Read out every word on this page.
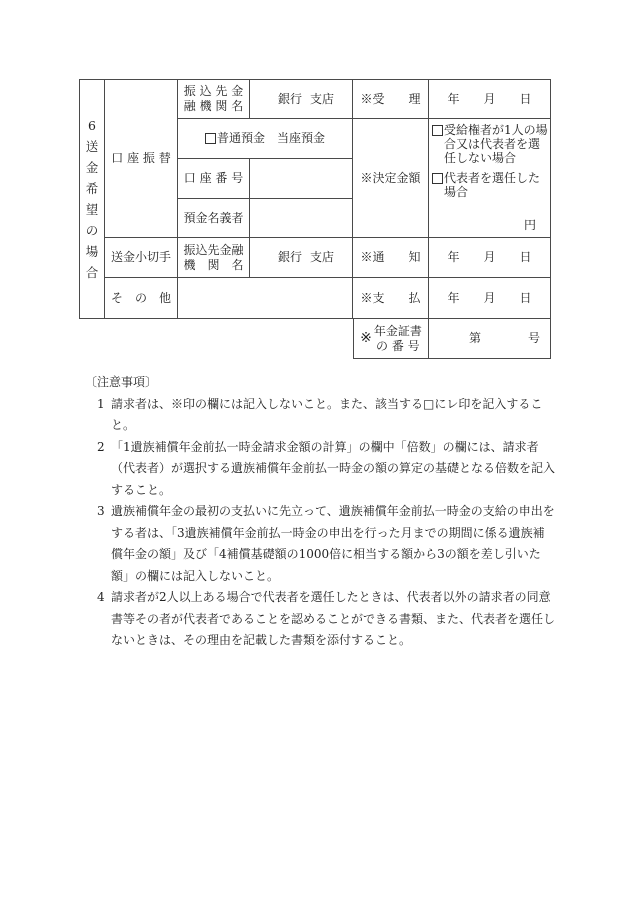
6
送
金
希
望
の
場
合
口 座 振 替
振 込 先 金
融 機 関 名
銀行 支店 ※受　　理 年　　月　　日
普通預金　当座預金
※決定金額
受給権者が1人の場合又は代表者を選任しない場合
代表者を選任した場合
円
口 座 番 号
預金名義者
送金小切手
振込先金融
機　関　名
銀行 支店 ※通　　知 年　　月　　日
そ　の　他	※支　　払 年　　月　　日
※ 年金証書
の 番 号
第	号
〔注意事項〕
1 請求者は、※印の欄には記入しないこと。また、該当する□にレ印を記入すること。
2 「1遺族補償年金前払一時金請求金額の計算」の欄中「倍数」の欄には、請求者（代表者）が選択する遺族補償年金前払一時金の額の算定の基礎となる倍数を記入すること。
3 遺族補償年金の最初の支払いに先立って、遺族補償年金前払一時金の支給の申出をする者は、「3遺族補償年金前払一時金の申出を行った月までの期間に係る遺族補償年金の額」及び「4補償基礎額の1000倍に相当する額から3の額を差し引いた額」の欄には記入しないこと。
4 請求者が2人以上ある場合で代表者を選任したときは、代表者以外の請求者の同意書等その者が代表者であることを認めることができる書類、また、代表者を選任しないときは、その理由を記載した書類を添付すること。
